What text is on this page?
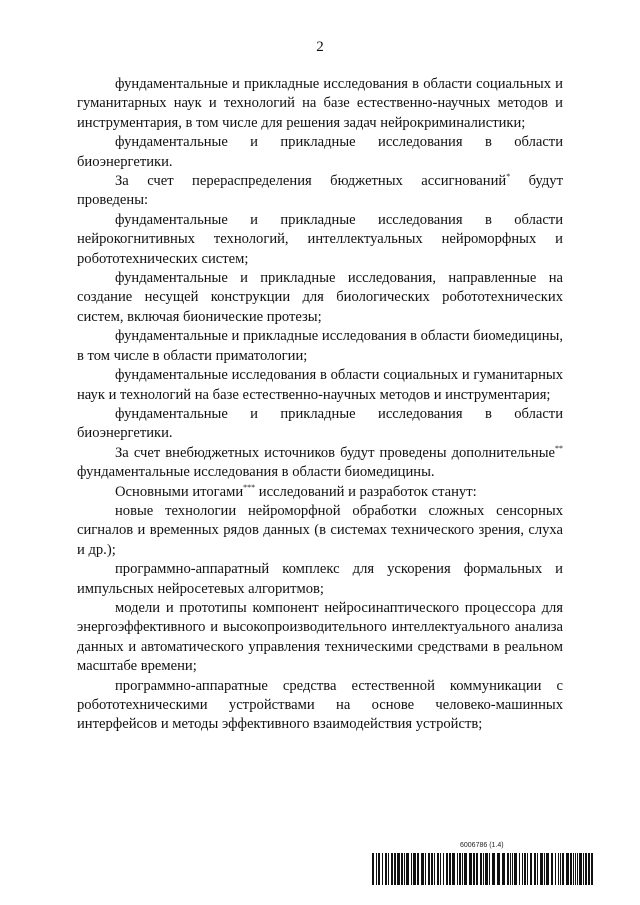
2

фундаментальные и прикладные исследования в области социальных и гуманитарных наук и технологий на базе естественно-научных методов и инструментария, в том числе для решения задач нейрокриминалистики;

фундаментальные и прикладные исследования в области биоэнергетики.

За счет перераспределения бюджетных ассигнований* будут проведены:

фундаментальные и прикладные исследования в области нейрокогнитивных технологий, интеллектуальных нейроморфных и робототехнических систем;

фундаментальные и прикладные исследования, направленные на создание несущей конструкции для биологических робототехнических систем, включая бионические протезы;

фундаментальные и прикладные исследования в области биомедицины, в том числе в области приматологии;

фундаментальные исследования в области социальных и гуманитарных наук и технологий на базе естественно-научных методов и инструментария;

фундаментальные и прикладные исследования в области биоэнергетики.

За счет внебюджетных источников будут проведены дополнительные** фундаментальные исследования в области биомедицины.

Основными итогами*** исследований и разработок станут:

новые технологии нейроморфной обработки сложных сенсорных сигналов и временных рядов данных (в системах технического зрения, слуха и др.);

программно-аппаратный комплекс для ускорения формальных и импульсных нейросетевых алгоритмов;

модели и прототипы компонент нейросинаптического процессора для энергоэффективного и высокопроизводительного интеллектуального анализа данных и автоматического управления техническими средствами в реальном масштабе времени;

программно-аппаратные средства естественной коммуникации с робототехническими устройствами на основе человеко-машинных интерфейсов и методы эффективного взаимодействия устройств;

6006786 (1.4)
